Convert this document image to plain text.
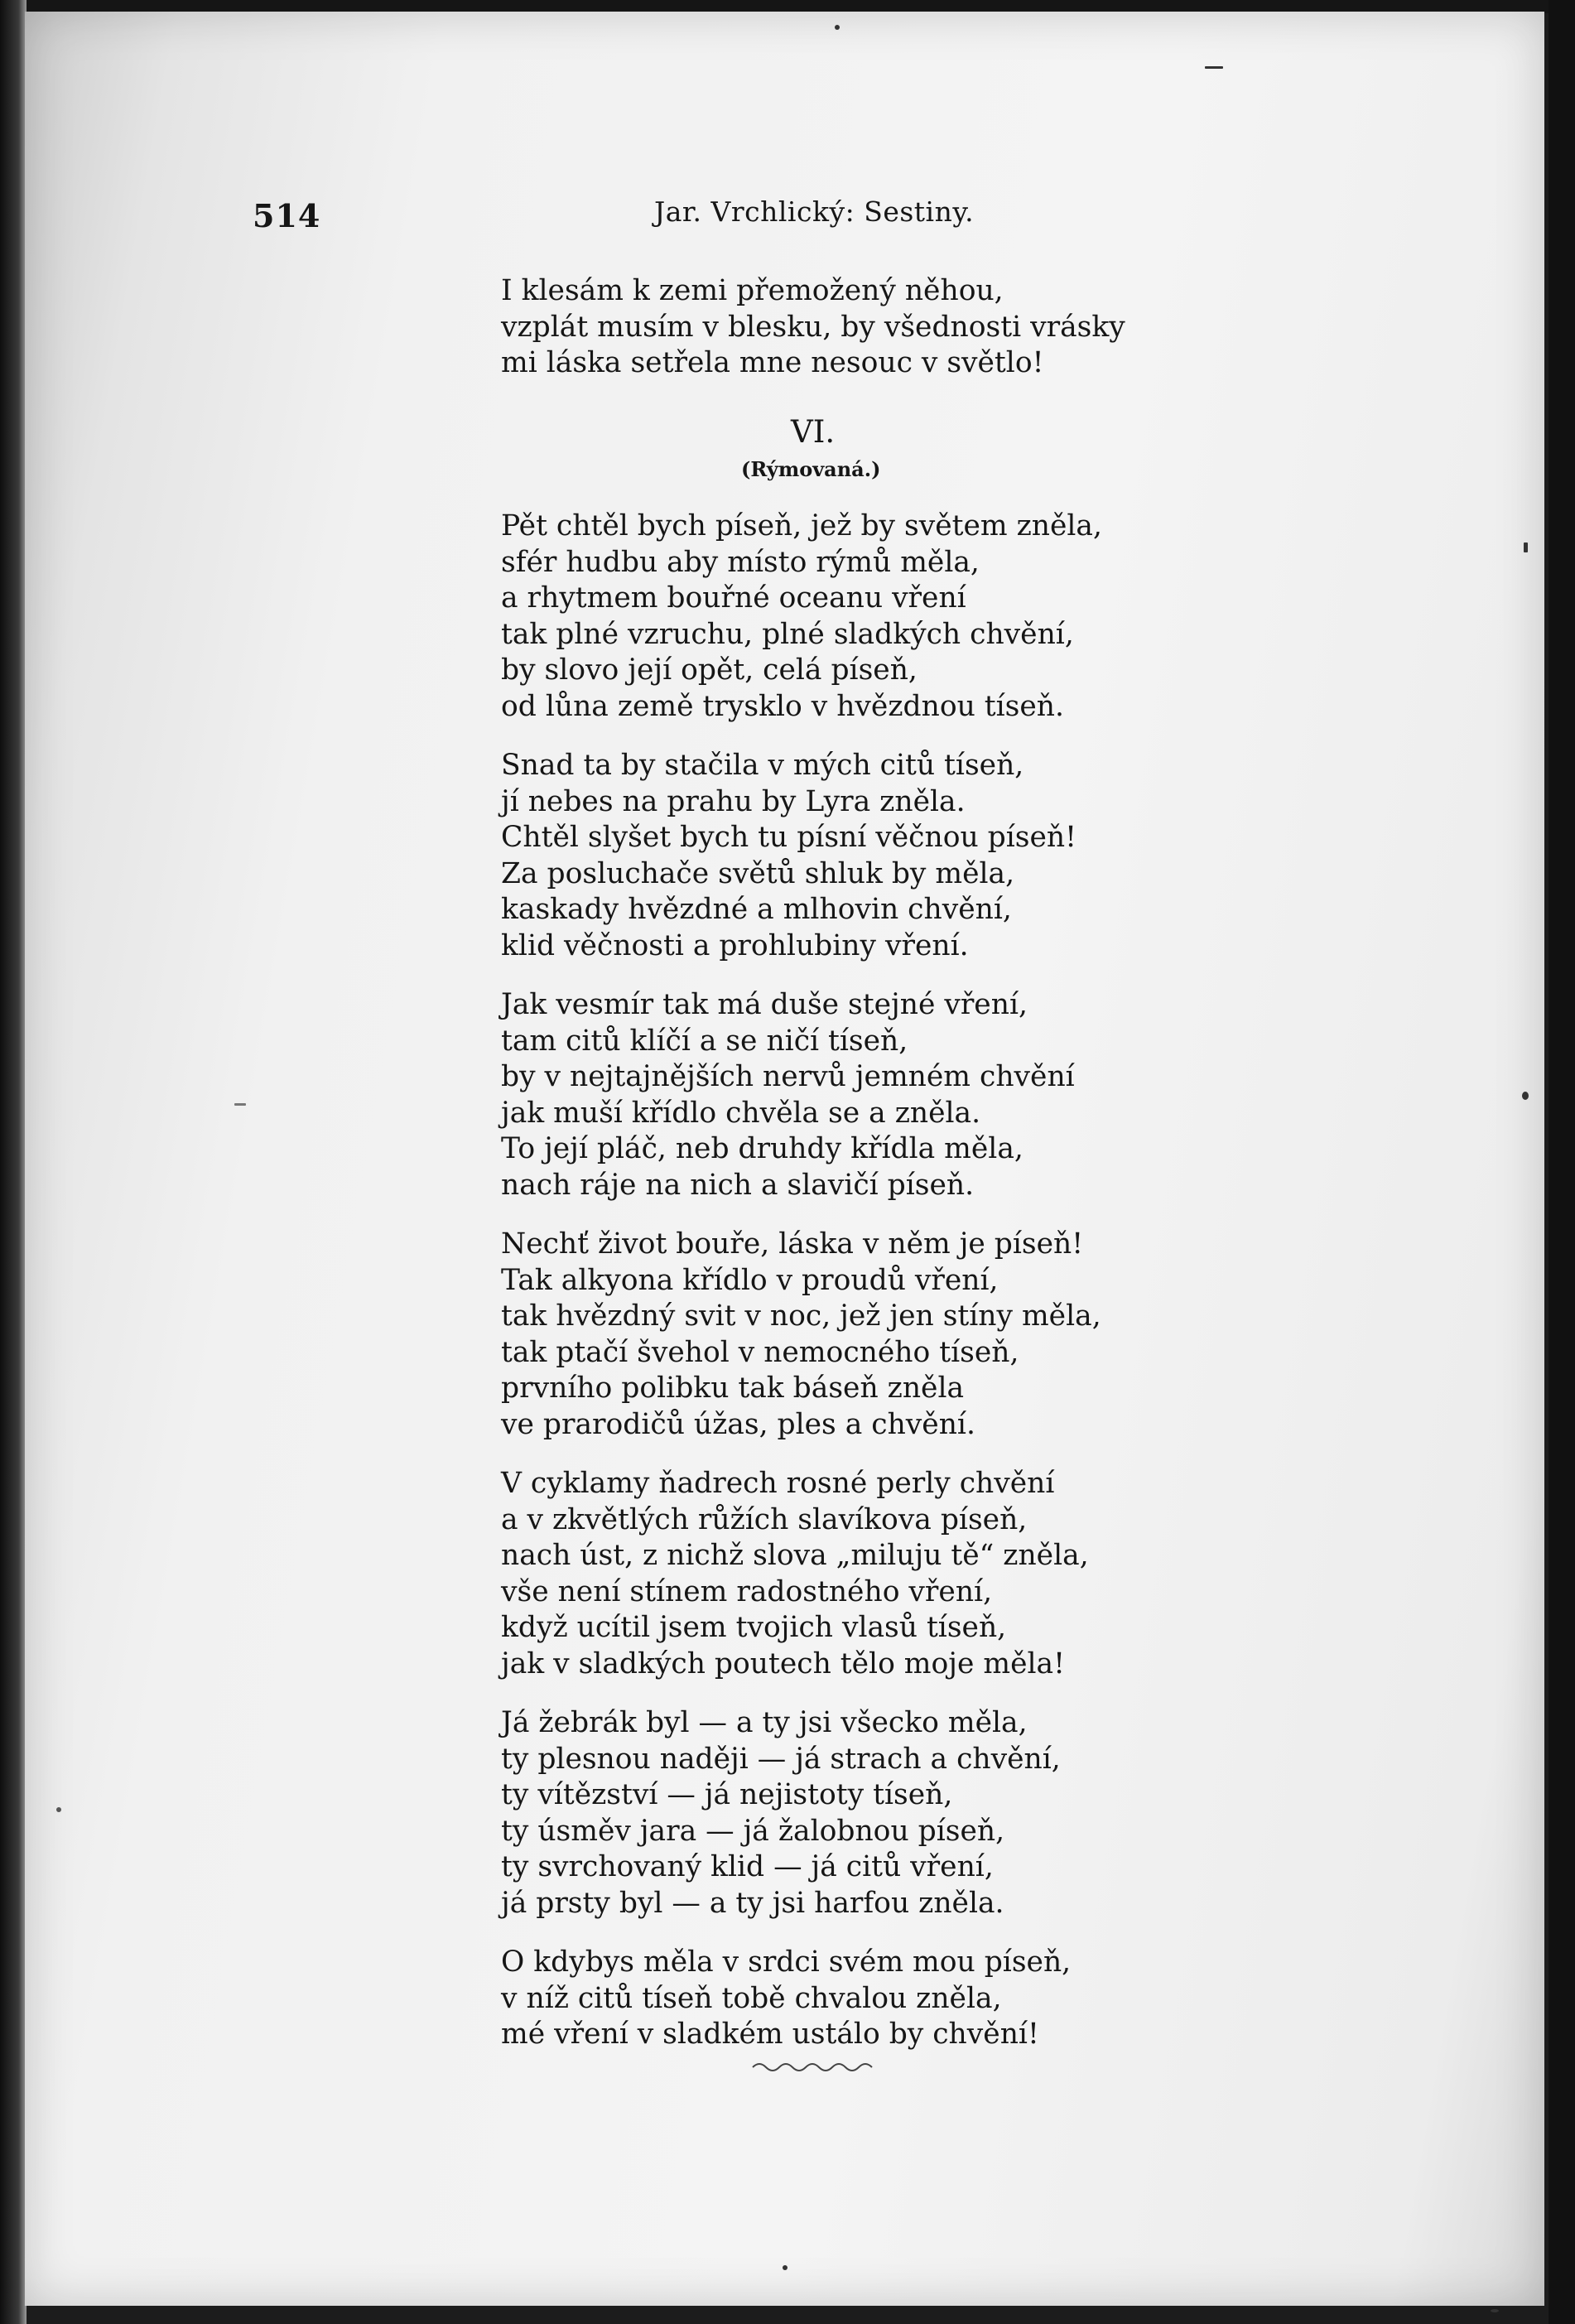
514	Jar. Vrchlický: Sestiny.
I klesám k zemi přemožený něhou,
vzplát musím v blesku, by všednosti vrásky
mi láska setřela mne nesouc v světlo!
VI.
(Rýmovaná.)
Pět chtěl bych píseň, jež by světem zněla,
sfér hudbu aby místo rýmů měla,
a rhytmem bouřné oceanu vření
tak plné vzruchu, plné sladkých chvění,
by slovo její opět, celá píseň,
od lůna země trysklo v hvězdnou tíseň.
Snad ta by stačila v mých citů tíseň,
jí nebes na prahu by Lyra zněla.
Chtěl slyšet bych tu písní věčnou píseň!
Za posluchače světů shluk by měla,
kaskady hvězdné a mlhovin chvění,
klid věčnosti a prohlubiny vření.
Jak vesmír tak má duše stejné vření,
tam citů klíčí a se ničí tíseň,
by v nejtajnějších nervů jemném chvění
jak muší křídlo chvěla se a zněla.
To její pláč, neb druhdy křídla měla,
nach ráje na nich a slavičí píseň.
Nechť život bouře, láska v něm je píseň!
Tak alkyona křídlo v proudů vření,
tak hvězdný svit v noc, jež jen stíny měla,
tak ptačí švehol v nemocného tíseň,
prvního polibku tak báseň zněla
ve prarodičů úžas, ples a chvění.
V cyklamy ňadrech rosné perly chvění
a v zkvětlých růžích slavíkova píseň,
nach úst, z nichž slova „miluju tě“ zněla,
vše není stínem radostného vření,
když ucítil jsem tvojich vlasů tíseň,
jak v sladkých poutech tělo moje měla!
Já žebrák byl — a ty jsi všecko měla,
ty plesnou naději — já strach a chvění,
ty vítězství — já nejistoty tíseň,
ty úsměv jara — já žalobnou píseň,
ty svrchovaný klid — já citů vření,
já prsty byl — a ty jsi harfou zněla.
O kdybys měla v srdci svém mou píseň,
v níž citů tíseň tobě chvalou zněla,
mé vření v sladkém ustálo by chvění!
